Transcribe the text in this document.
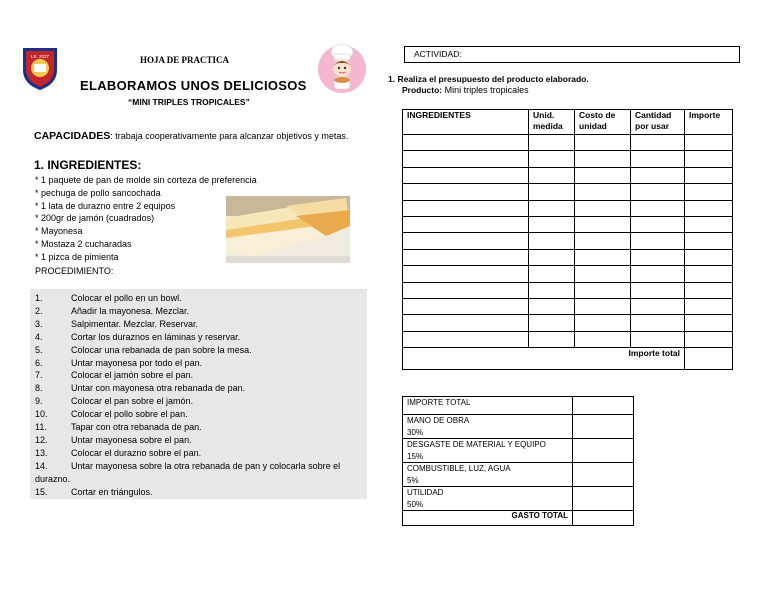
I.E. 2027	HOJA DE PRACTICA
ELABORAMOS UNOS DELICIOSOS
“MINI TRIPLES TROPICALES”
CAPACIDADES: trabaja cooperativamente para alcanzar objetivos y metas.
1. INGREDIENTES:
* 1 paquete de pan de molde sin corteza de preferencia
* pechuga de pollo sancochada
* 1 lata de durazno entre 2 equipos
* 200gr de jamón (cuadrados)
* Mayonesa
* Mostaza 2 cucharadas
* 1 pizca de pimienta
PROCEDIMIENTO:
1.	Colocar el pollo en un bowl.
2.	Añadir la mayonesa. Mezclar.
3.	Salpimentar. Mezclar. Reservar.
4.	Cortar los duraznos en láminas y reservar.
5.	Colocar una rebanada de pan sobre la mesa.
6.	Untar mayonesa por todo el pan.
7.	Colocar el jamón sobre el pan.
8.	Untar con mayonesa otra rebanada de pan.
9.	Colocar el pan sobre el jamón.
10.	Colocar el pollo sobre el pan.
11.	Tapar con otra rebanada de pan.
12.	Untar mayonesa sobre el pan.
13.	Colocar el durazno sobre el pan.
14.	Untar mayonesa sobre la otra rebanada de pan y colocarla sobre el
durazno.
15.	Cortar en triángulos.
ACTIVIDAD:
1. Realiza el presupuesto del producto elaborado.
Producto: Mini triples tropicales
INGREDIENTES	Unid. medida	Costo de unidad	Cantidad por usar	Importe

Importe total				
IMPORTE TOTAL	

MANO DE OBRA
30%	

DESGASTE DE MATERIAL Y EQUIPO
15%	

COMBUSTIBLE, LUZ, AGUA
5%	

UTILIDAD
50%	

GASTO TOTAL	
